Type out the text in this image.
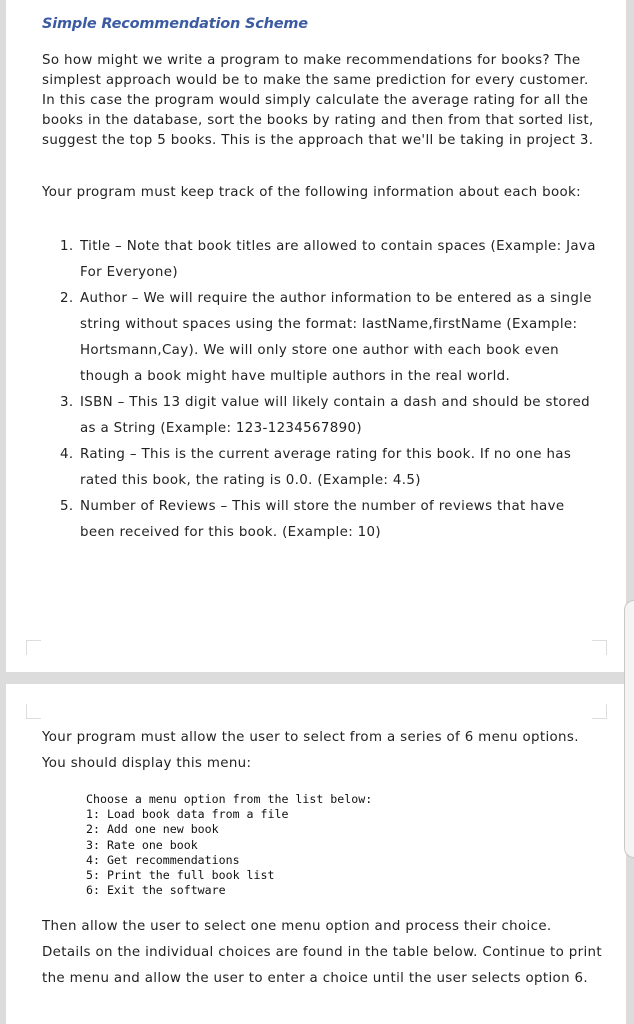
Simple Recommendation Scheme

So how might we write a program to make recommendations for books? The simplest approach would be to make the same prediction for every customer. In this case the program would simply calculate the average rating for all the books in the database, sort the books by rating and then from that sorted list, suggest the top 5 books. This is the approach that we'll be taking in project 3.

Your program must keep track of the following information about each book:

1. Title – Note that book titles are allowed to contain spaces (Example: Java For Everyone)
2. Author – We will require the author information to be entered as a single string without spaces using the format: lastName,firstName (Example: Hortsmann,Cay). We will only store one author with each book even though a book might have multiple authors in the real world.
3. ISBN – This 13 digit value will likely contain a dash and should be stored as a String (Example: 123-1234567890)
4. Rating – This is the current average rating for this book. If no one has rated this book, the rating is 0.0. (Example: 4.5)
5. Number of Reviews – This will store the number of reviews that have been received for this book. (Example: 10)

Your program must allow the user to select from a series of 6 menu options. You should display this menu:

Choose a menu option from the list below:
1: Load book data from a file
2: Add one new book
3: Rate one book
4: Get recommendations
5: Print the full book list
6: Exit the software

Then allow the user to select one menu option and process their choice. Details on the individual choices are found in the table below. Continue to print the menu and allow the user to enter a choice until the user selects option 6.
